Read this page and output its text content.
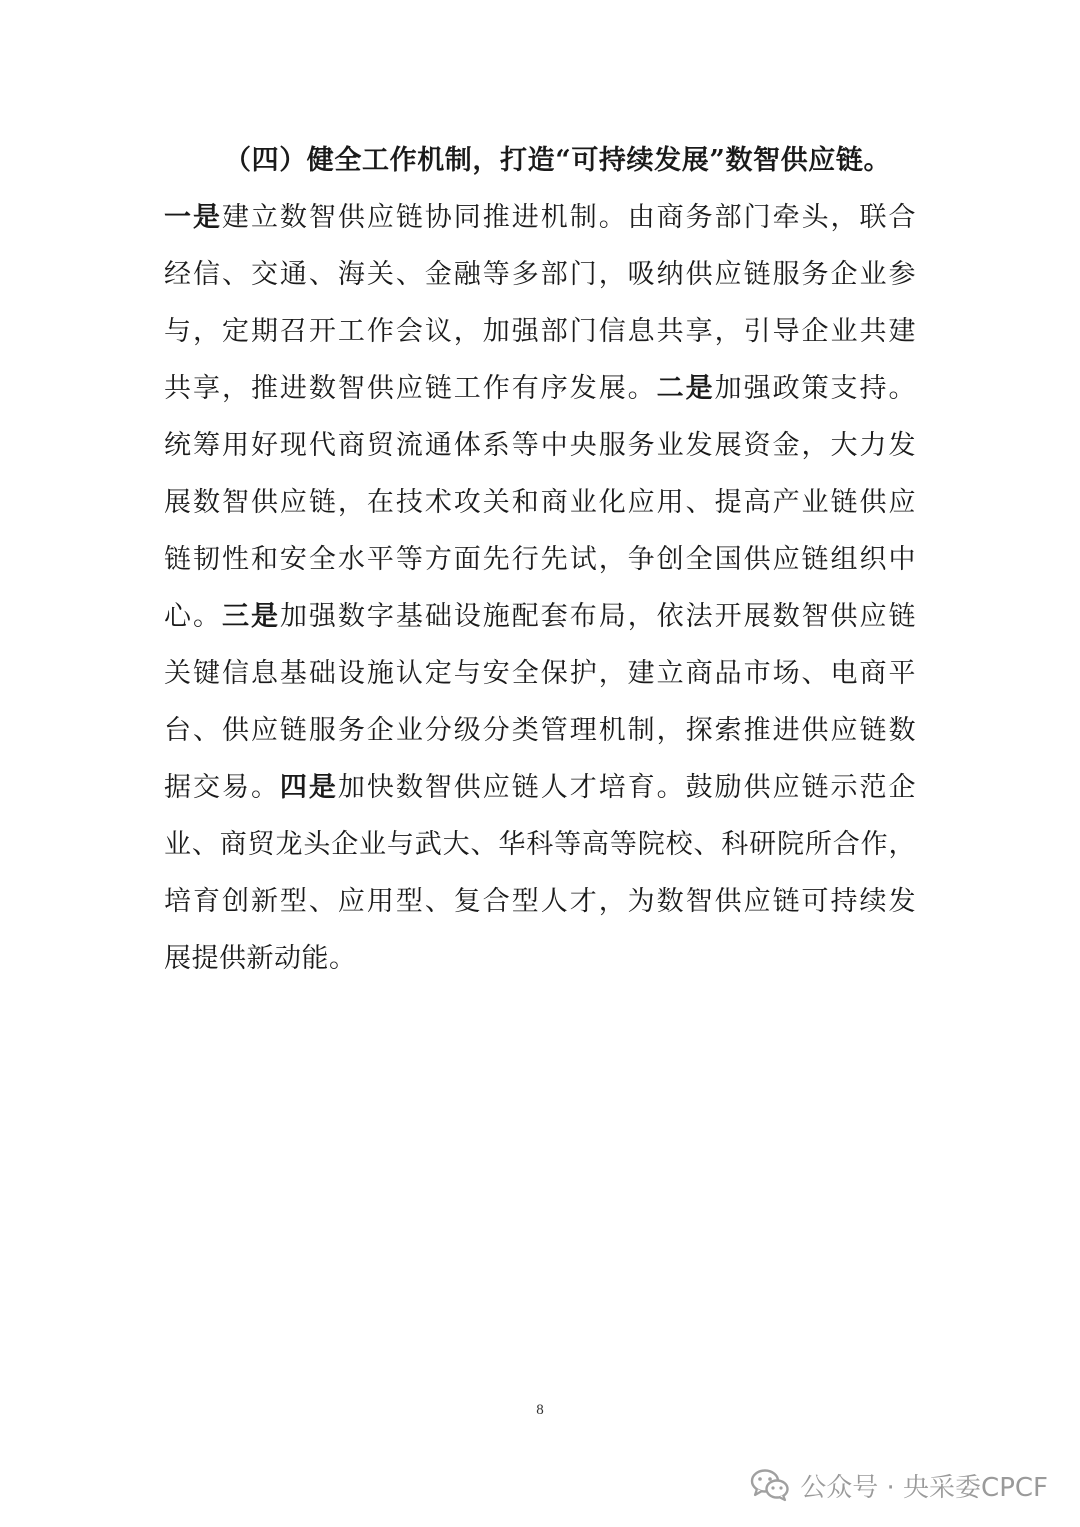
（四）健全工作机制，打造“可持续发展”数智供应链。
一是建立数智供应链协同推进机制。由商务部门牵头，联合
经信、交通、海关、金融等多部门，吸纳供应链服务企业参
与，定期召开工作会议，加强部门信息共享，引导企业共建
共享，推进数智供应链工作有序发展。二是加强政策支持。
统筹用好现代商贸流通体系等中央服务业发展资金，大力发
展数智供应链，在技术攻关和商业化应用、提高产业链供应
链韧性和安全水平等方面先行先试，争创全国供应链组织中
心。三是加强数字基础设施配套布局，依法开展数智供应链
关键信息基础设施认定与安全保护，建立商品市场、电商平
台、供应链服务企业分级分类管理机制，探索推进供应链数
据交易。四是加快数智供应链人才培育。鼓励供应链示范企
业、商贸龙头企业与武大、华科等高等院校、科研院所合作，
培育创新型、应用型、复合型人才，为数智供应链可持续发
展提供新动能。
8
公众号 · 央采委CPCF
